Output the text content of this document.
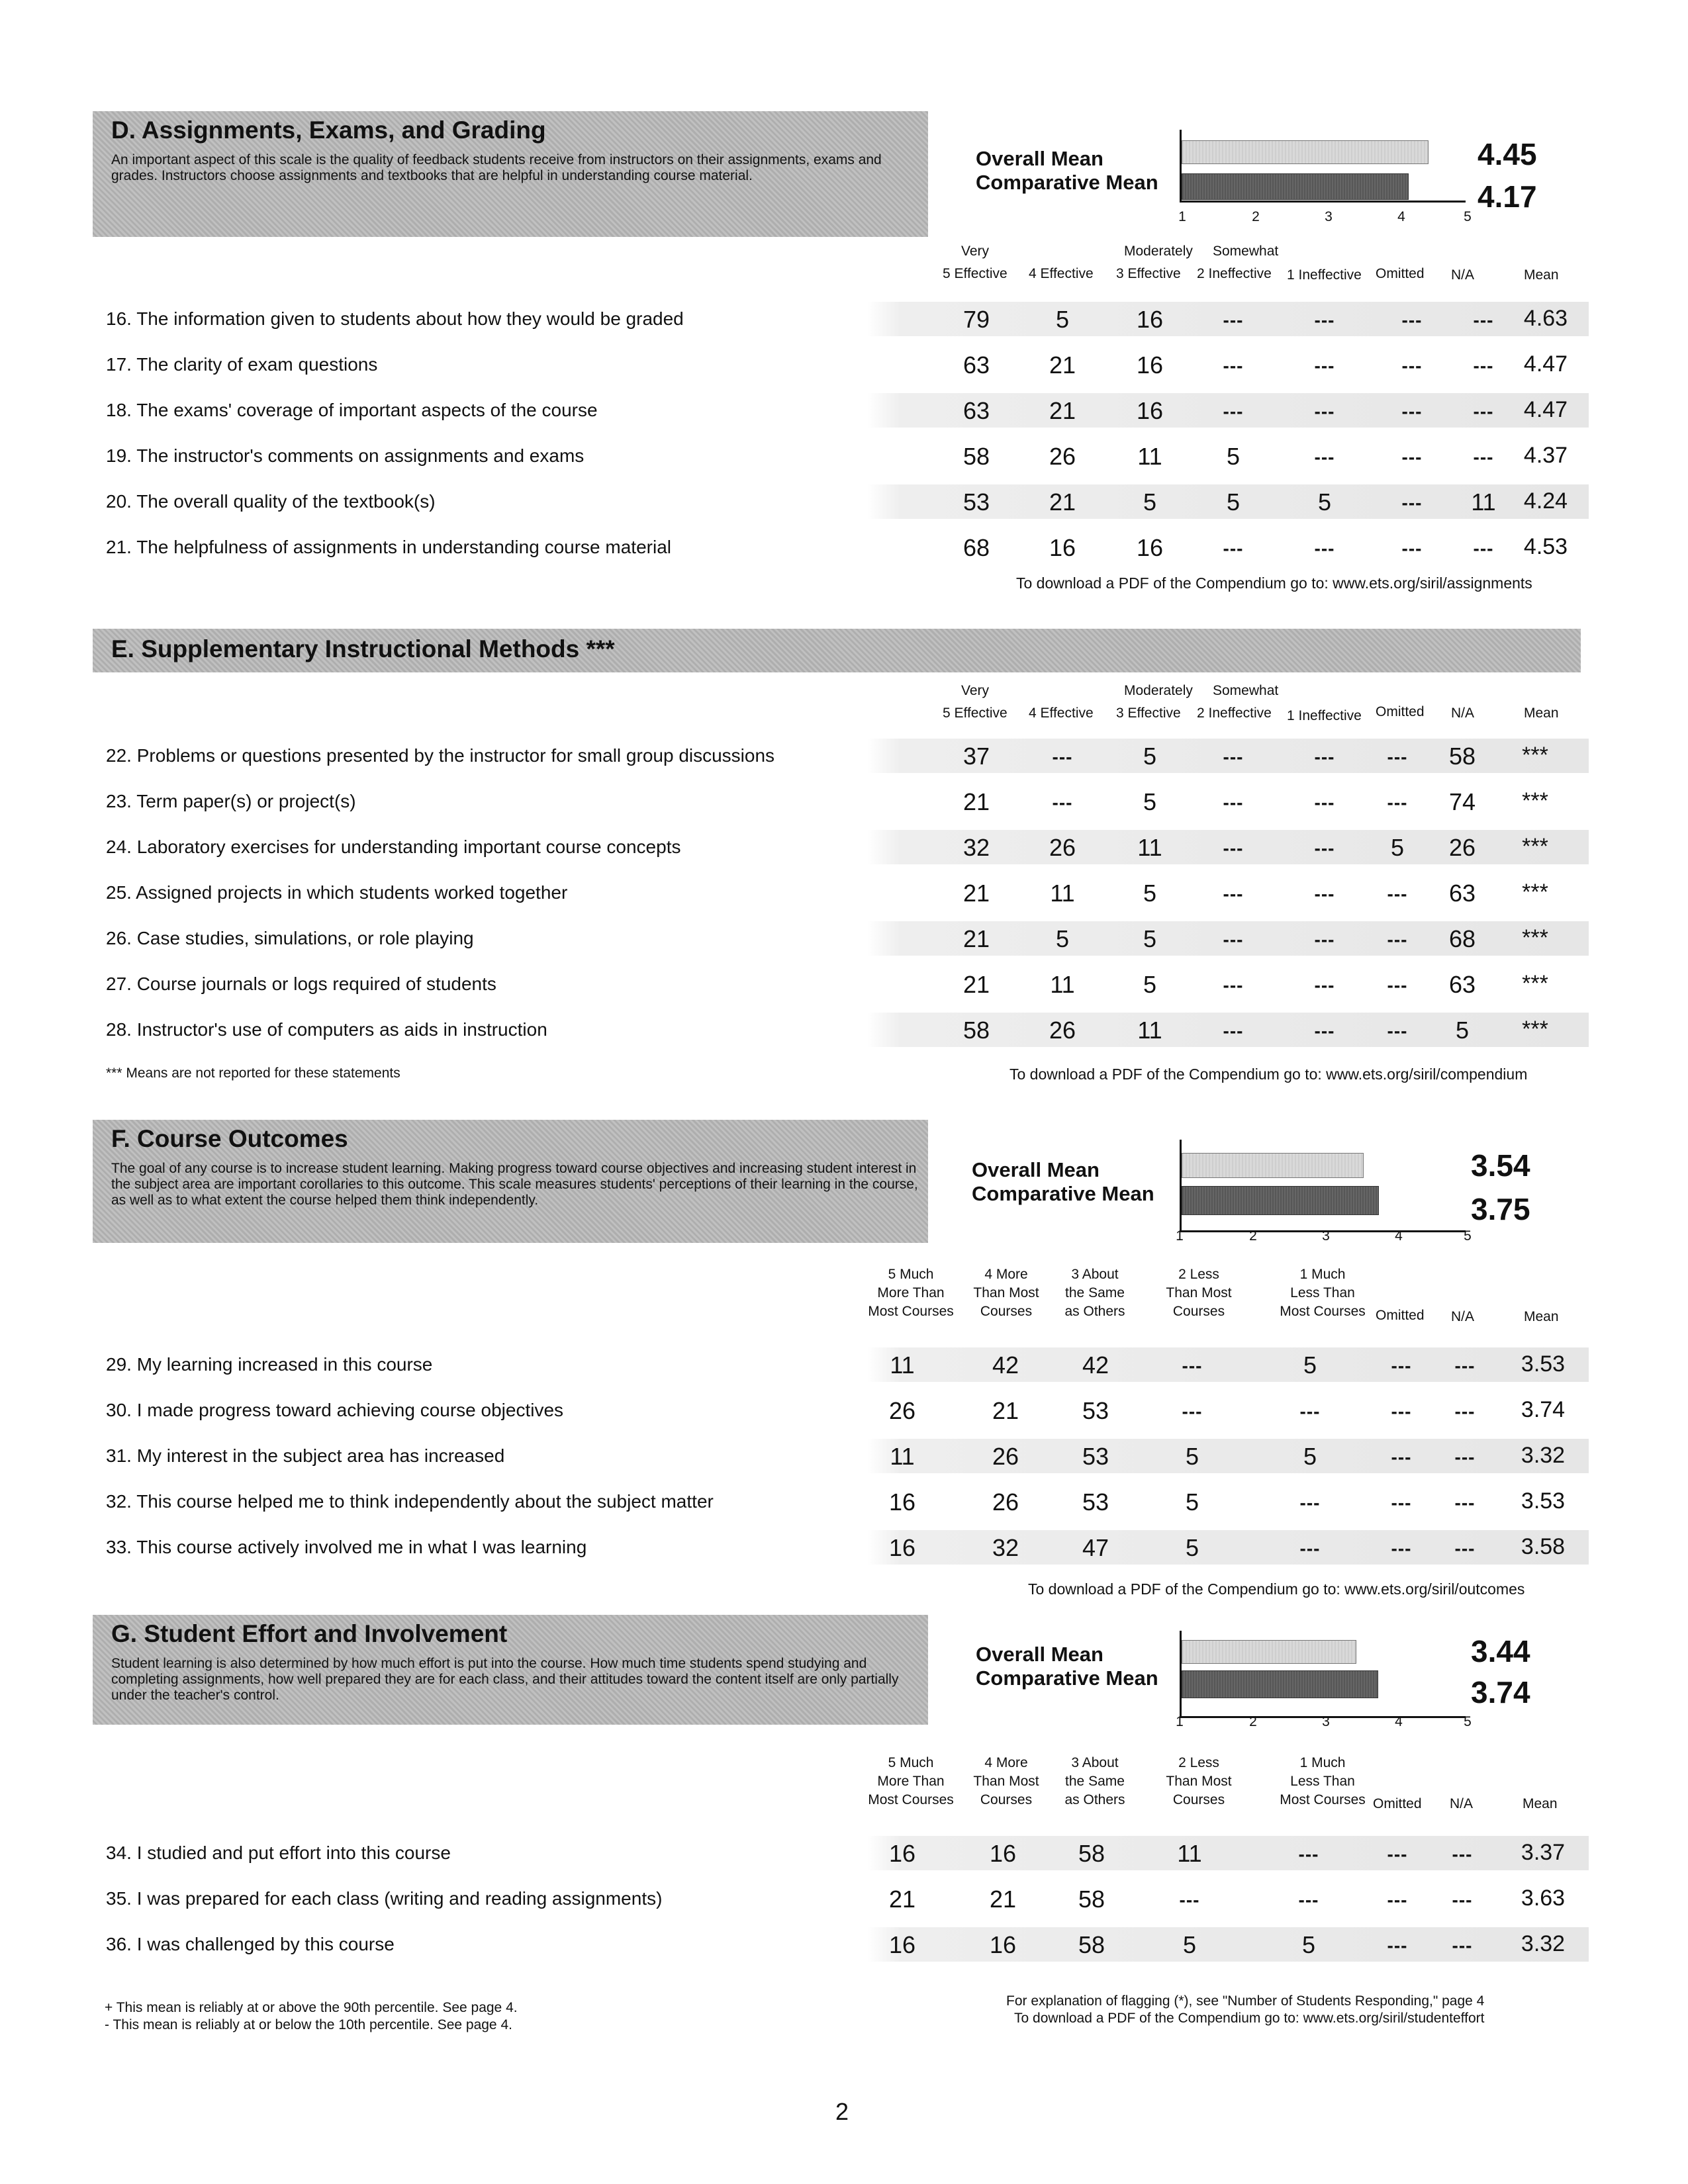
D. Assignments, Exams, and Grading
An important aspect of this scale is the quality of feedback students receive from instructors on their assignments, exams and grades. Instructors choose assignments and textbooks that are helpful in understanding course material.
Overall Mean
Comparative Mean
4.45
4.17
1	2	3	4	5
Very
5 Effective 4 Effective
Moderately
3 Effective
Somewhat
2 Ineffective 1 Ineffective Omitted N/A	Mean
16. The information given to students about how they would be graded	79	5	16	---	---	---	---	4.63
17. The clarity of exam questions	63	21	16	---	---	---	---	4.47
18. The exams' coverage of important aspects of the course	63	21	16	---	---	---	---	4.47
19. The instructor's comments on assignments and exams	58	26	11	5	---	---	---	4.37
20. The overall quality of the textbook(s)	53	21	5	5	5	---	11	4.24
21. The helpfulness of assignments in understanding course material	68	16	16	---	---	---	---	4.53
To download a PDF of the Compendium go to: www.ets.org/siril/assignments
E. Supplementary Instructional Methods ***
Very
5 Effective 4 Effective
Moderately
3 Effective
Somewhat
2 Ineffective 1 Ineffective Omitted N/A	Mean
22. Problems or questions presented by the instructor for small group discussions	37	---	5	---	---	---	58	***
23. Term paper(s) or project(s)	21	---	5	---	---	---	74	***
24. Laboratory exercises for understanding important course concepts	32	26	11	---	---	5	26	***
25. Assigned projects in which students worked together	21	11	5	---	---	---	63	***
26. Case studies, simulations, or role playing	21	5	5	---	---	---	68	***
27. Course journals or logs required of students	21	11	5	---	---	---	63	***
28. Instructor's use of computers as aids in instruction	58	26	11	---	---	---	5	***
*** Means are not reported for these statements	To download a PDF of the Compendium go to: www.ets.org/siril/compendium
F. Course Outcomes
The goal of any course is to increase student learning. Making progress toward course objectives and increasing student interest in the subject area are important corollaries to this outcome. This scale measures students' perceptions of their learning in the course, as well as to what extent the course helped them think independently.
Overall Mean
Comparative Mean
3.54
3.75
1	2	3	4	5
5 Much
More Than
Most Courses
4 More
Than Most
Courses
3 About
the Same
as Others
2 Less
Than Most
Courses
1 Much
Less Than
Most Courses Omitted N/A	Mean
29. My learning increased in this course	11	42	42	---	5	---	---	3.53
30. I made progress toward achieving course objectives	26	21	53	---	---	---	---	3.74
31. My interest in the subject area has increased	11	26	53	5	5	---	---	3.32
32. This course helped me to think independently about the subject matter	16	26	53	5	---	---	---	3.53
33. This course actively involved me in what I was learning	16	32	47	5	---	---	---	3.58
To download a PDF of the Compendium go to: www.ets.org/siril/outcomes
G. Student Effort and Involvement
Student learning is also determined by how much effort is put into the course. How much time students spend studying and completing assignments, how well prepared they are for each class, and their attitudes toward the content itself are only partially under the teacher's control.
Overall Mean
Comparative Mean
3.44
3.74
1	2	3	4	5
5 Much
More Than
Most Courses
4 More
Than Most
Courses
3 About
the Same
as Others
2 Less
Than Most
Courses
1 Much
Less Than
Most Courses Omitted N/A	Mean
34. I studied and put effort into this course	16	16	58	11	---	---	---	3.37
35. I was prepared for each class (writing and reading assignments)	21	21	58	---	---	---	---	3.63
36. I was challenged by this course	16	16	58	5	5	---	---	3.32
+ This mean is reliably at or above the 90th percentile. See page 4.
- This mean is reliably at or below the 10th percentile. See page 4.
For explanation of flagging (*), see "Number of Students Responding," page 4
To download a PDF of the Compendium go to: www.ets.org/siril/studenteffort
2
